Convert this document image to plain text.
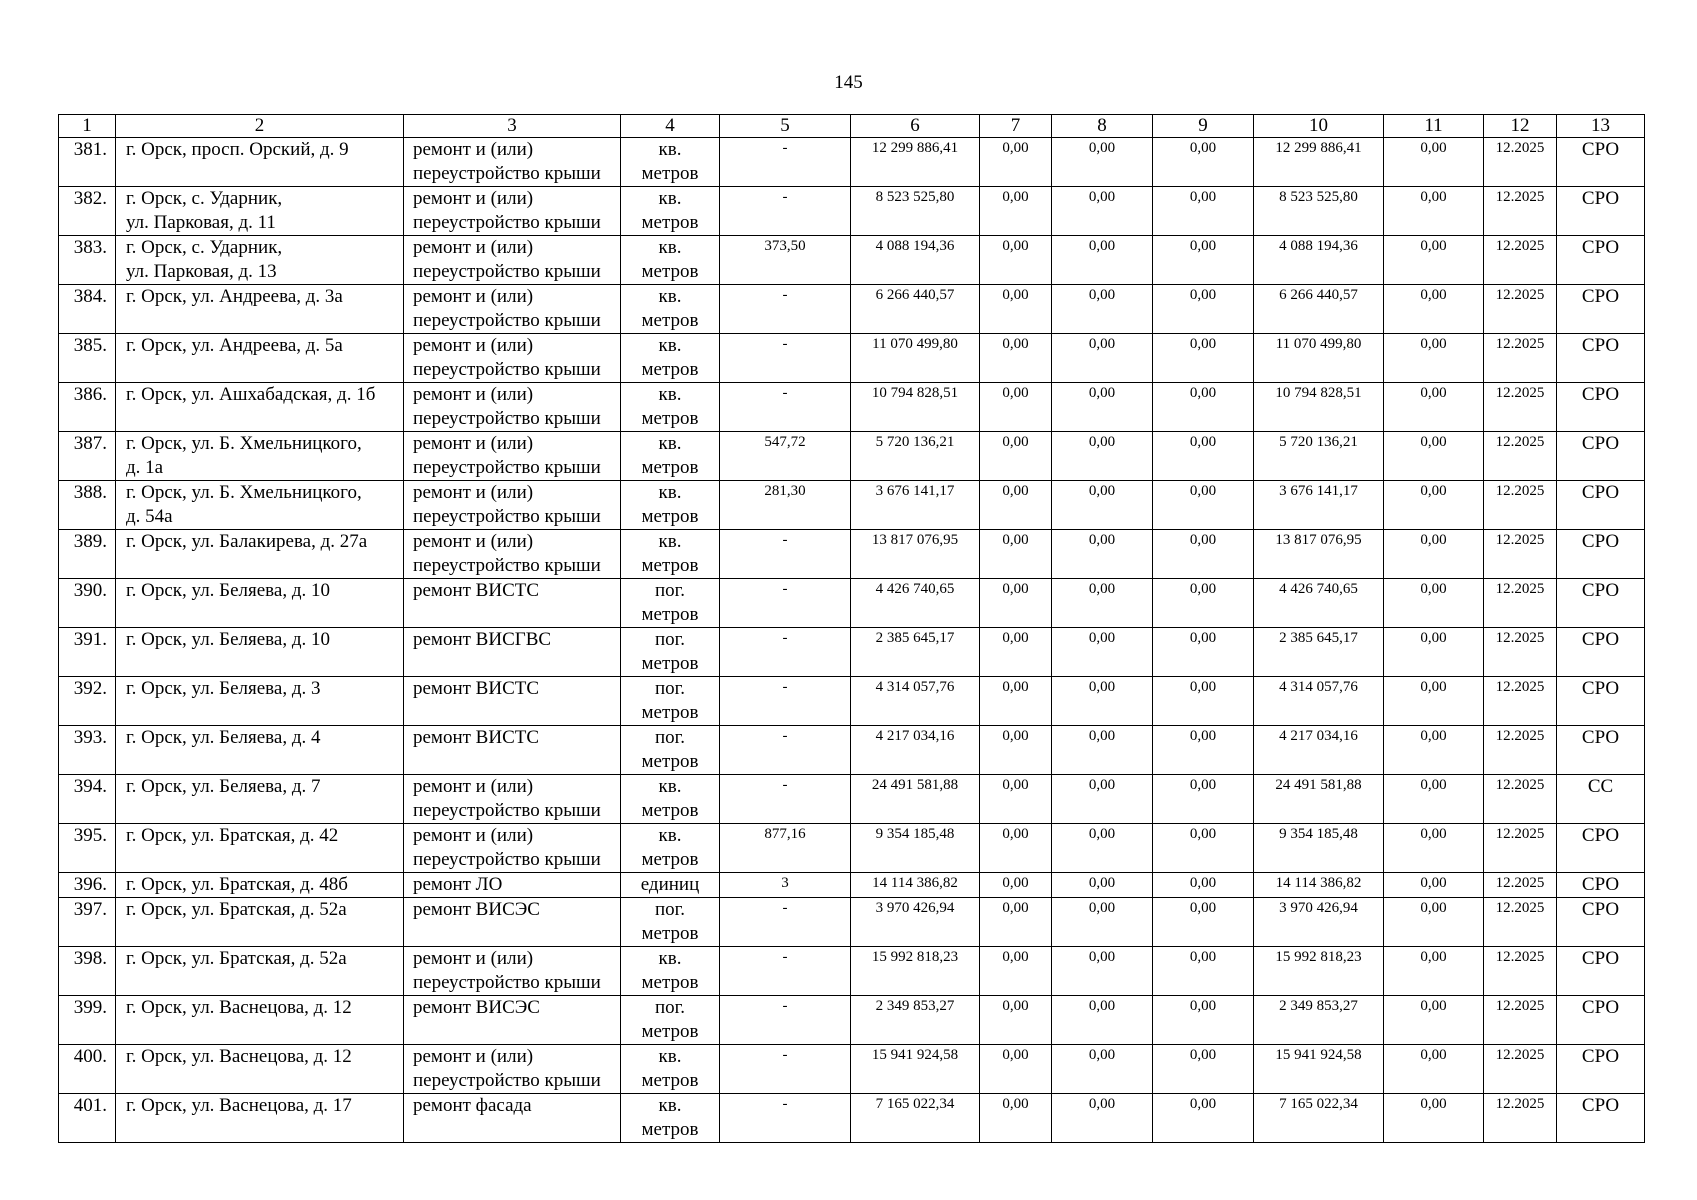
145
1	2	3	4	5	6	7	8	9	10	11	12	13

381.	г. Орск, просп. Орский, д. 9	ремонт и (или)
переустройство крыши	кв.
метров	-	12 299 886,41	0,00	0,00	0,00	12 299 886,41	0,00	12.2025	СРО

382.	г. Орск, с. Ударник,
ул. Парковая, д. 11	ремонт и (или)
переустройство крыши	кв.
метров	-	8 523 525,80	0,00	0,00	0,00	8 523 525,80	0,00	12.2025	СРО

383.	г. Орск, с. Ударник,
ул. Парковая, д. 13	ремонт и (или)
переустройство крыши	кв.
метров	373,50	4 088 194,36	0,00	0,00	0,00	4 088 194,36	0,00	12.2025	СРО

384.	г. Орск, ул. Андреева, д. 3а	ремонт и (или)
переустройство крыши	кв.
метров	-	6 266 440,57	0,00	0,00	0,00	6 266 440,57	0,00	12.2025	СРО

385.	г. Орск, ул. Андреева, д. 5а	ремонт и (или)
переустройство крыши	кв.
метров	-	11 070 499,80	0,00	0,00	0,00	11 070 499,80	0,00	12.2025	СРО

386.	г. Орск, ул. Ашхабадская, д. 1б	ремонт и (или)
переустройство крыши	кв.
метров	-	10 794 828,51	0,00	0,00	0,00	10 794 828,51	0,00	12.2025	СРО

387.	г. Орск, ул. Б. Хмельницкого,
д. 1а	ремонт и (или)
переустройство крыши	кв.
метров	547,72	5 720 136,21	0,00	0,00	0,00	5 720 136,21	0,00	12.2025	СРО

388.	г. Орск, ул. Б. Хмельницкого,
д. 54а	ремонт и (или)
переустройство крыши	кв.
метров	281,30	3 676 141,17	0,00	0,00	0,00	3 676 141,17	0,00	12.2025	СРО

389.	г. Орск, ул. Балакирева, д. 27а	ремонт и (или)
переустройство крыши	кв.
метров	-	13 817 076,95	0,00	0,00	0,00	13 817 076,95	0,00	12.2025	СРО

390.	г. Орск, ул. Беляева, д. 10	ремонт ВИСТС	пог.
метров	-	4 426 740,65	0,00	0,00	0,00	4 426 740,65	0,00	12.2025	СРО

391.	г. Орск, ул. Беляева, д. 10	ремонт ВИСГВС	пог.
метров	-	2 385 645,17	0,00	0,00	0,00	2 385 645,17	0,00	12.2025	СРО

392.	г. Орск, ул. Беляева, д. 3	ремонт ВИСТС	пог.
метров	-	4 314 057,76	0,00	0,00	0,00	4 314 057,76	0,00	12.2025	СРО

393.	г. Орск, ул. Беляева, д. 4	ремонт ВИСТС	пог.
метров	-	4 217 034,16	0,00	0,00	0,00	4 217 034,16	0,00	12.2025	СРО

394.	г. Орск, ул. Беляева, д. 7	ремонт и (или)
переустройство крыши	кв.
метров	-	24 491 581,88	0,00	0,00	0,00	24 491 581,88	0,00	12.2025	СС

395.	г. Орск, ул. Братская, д. 42	ремонт и (или)
переустройство крыши	кв.
метров	877,16	9 354 185,48	0,00	0,00	0,00	9 354 185,48	0,00	12.2025	СРО

396.	г. Орск, ул. Братская, д. 48б	ремонт ЛО	единиц	3	14 114 386,82	0,00	0,00	0,00	14 114 386,82	0,00	12.2025	СРО

397.	г. Орск, ул. Братская, д. 52а	ремонт ВИСЭС	пог.
метров	-	3 970 426,94	0,00	0,00	0,00	3 970 426,94	0,00	12.2025	СРО

398.	г. Орск, ул. Братская, д. 52а	ремонт и (или)
переустройство крыши	кв.
метров	-	15 992 818,23	0,00	0,00	0,00	15 992 818,23	0,00	12.2025	СРО

399.	г. Орск, ул. Васнецова, д. 12	ремонт ВИСЭС	пог.
метров	-	2 349 853,27	0,00	0,00	0,00	2 349 853,27	0,00	12.2025	СРО

400.	г. Орск, ул. Васнецова, д. 12	ремонт и (или)
переустройство крыши	кв.
метров	-	15 941 924,58	0,00	0,00	0,00	15 941 924,58	0,00	12.2025	СРО

401.	г. Орск, ул. Васнецова, д. 17	ремонт фасада	кв.
метров	-	7 165 022,34	0,00	0,00	0,00	7 165 022,34	0,00	12.2025	СРО
